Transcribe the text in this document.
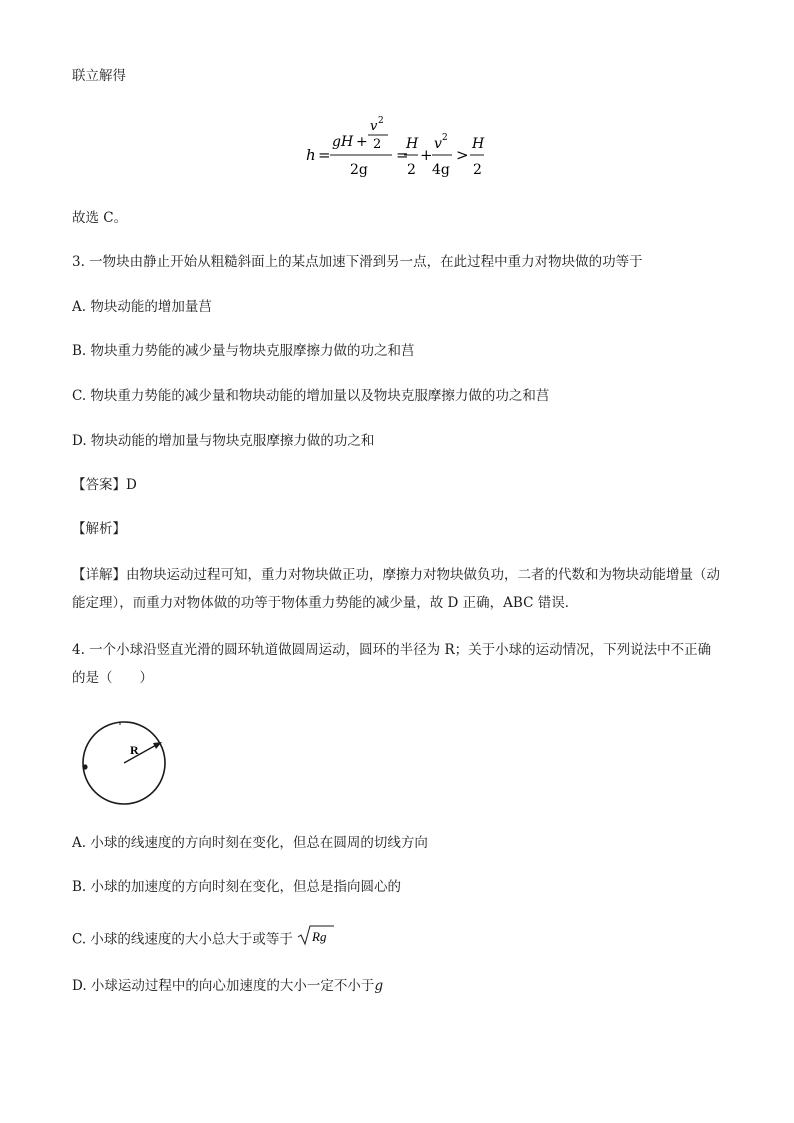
联立解得
h =
gH +
v 2
2
2g
=
H
2
+
v 2
4g
>
H
2
故选 C。
3. 一物块由静止开始从粗糙斜面上的某点加速下滑到另一点，在此过程中重力对物块做的功等于
A. 物块动能的增加量莒
B. 物块重力势能的减少量与物块克服摩擦力做的功之和莒
C. 物块重力势能的减少量和物块动能的增加量以及物块克服摩擦力做的功之和莒
D. 物块动能的增加量与物块克服摩擦力做的功之和
【答案】D
【解析】
【详解】由物块运动过程可知，重力对物块做正功，摩擦力对物块做负功，二者的代数和为物块动能增量（动能定理），而重力对物体做的功等于物体重力势能的减少量，故 D 正确，ABC 错误．
4. 一个小球沿竖直光滑的圆环轨道做圆周运动，圆环的半径为 R；关于小球的运动情况，下列说法中不正确的是（　　）
R
A. 小球的线速度的方向时刻在变化，但总在圆周的切线方向
B. 小球的加速度的方向时刻在变化，但总是指向圆心的
C. 小球的线速度的大小总大于或等于 Rg
D. 小球运动过程中的向心加速度的大小一定不小于g
